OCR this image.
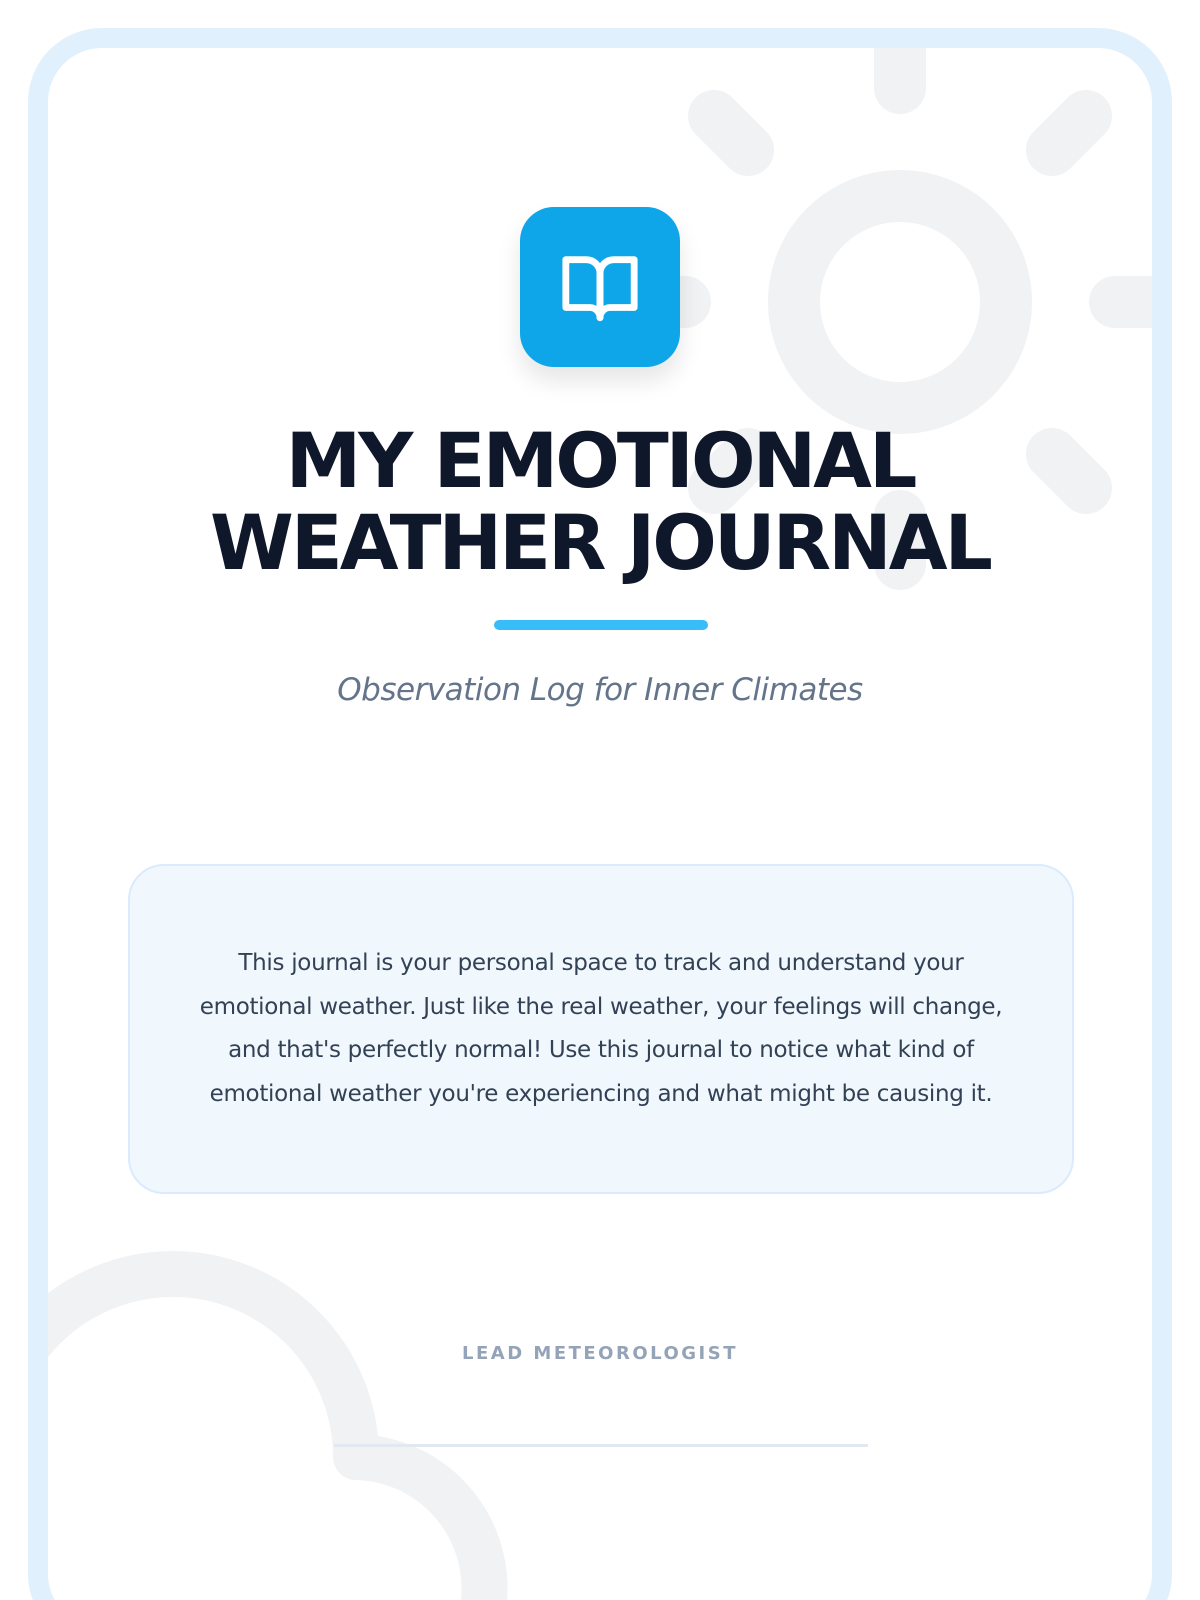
MY EMOTIONAL WEATHER JOURNAL
Observation Log for Inner Climates

This journal is your personal space to track and understand your emotional weather. Just like the real weather, your feelings will change, and that's perfectly normal! Use this journal to notice what kind of emotional weather you're experiencing and what might be causing it.

LEAD METEOROLOGIST
